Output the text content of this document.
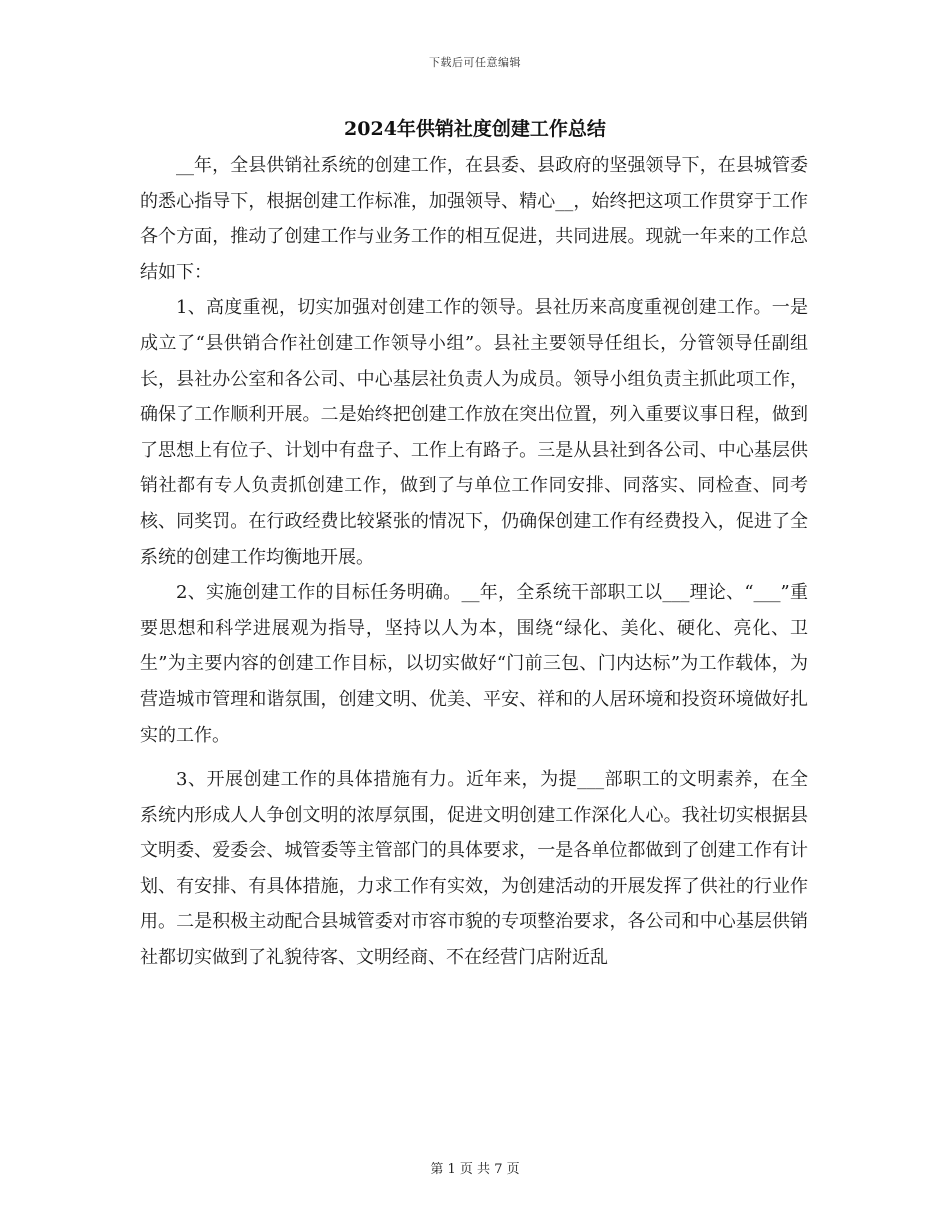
下载后可任意编辑
2024年供销社度创建工作总结

__年，全县供销社系统的创建工作，在县委、县政府的坚强领导下，在县城管委的悉心指导下，根据创建工作标准，加强领导、精心__，始终把这项工作贯穿于工作各个方面，推动了创建工作与业务工作的相互促进，共同进展。现就一年来的工作总结如下：

1、高度重视，切实加强对创建工作的领导。县社历来高度重视创建工作。一是成立了“县供销合作社创建工作领导小组”。县社主要领导任组长，分管领导任副组长，县社办公室和各公司、中心基层社负责人为成员。领导小组负责主抓此项工作，确保了工作顺利开展。二是始终把创建工作放在突出位置，列入重要议事日程，做到了思想上有位子、计划中有盘子、工作上有路子。三是从县社到各公司、中心基层供销社都有专人负责抓创建工作，做到了与单位工作同安排、同落实、同检查、同考核、同奖罚。在行政经费比较紧张的情况下，仍确保创建工作有经费投入，促进了全系统的创建工作均衡地开展。

2、实施创建工作的目标任务明确。__年，全系统干部职工以___理论、“___”重要思想和科学进展观为指导，坚持以人为本，围绕“绿化、美化、硬化、亮化、卫生”为主要内容的创建工作目标，以切实做好“门前三包、门内达标”为工作载体，为营造城市管理和谐氛围，创建文明、优美、平安、祥和的人居环境和投资环境做好扎实的工作。

3、开展创建工作的具体措施有力。近年来，为提___部职工的文明素养，在全系统内形成人人争创文明的浓厚氛围，促进文明创建工作深化人心。我社切实根据县文明委、爱委会、城管委等主管部门的具体要求，一是各单位都做到了创建工作有计划、有安排、有具体措施，力求工作有实效，为创建活动的开展发挥了供社的行业作用。二是积极主动配合县城管委对市容市貌的专项整治要求，各公司和中心基层供销社都切实做到了礼貌待客、文明经商、不在经营门店附近乱

第 1 页 共 7 页
